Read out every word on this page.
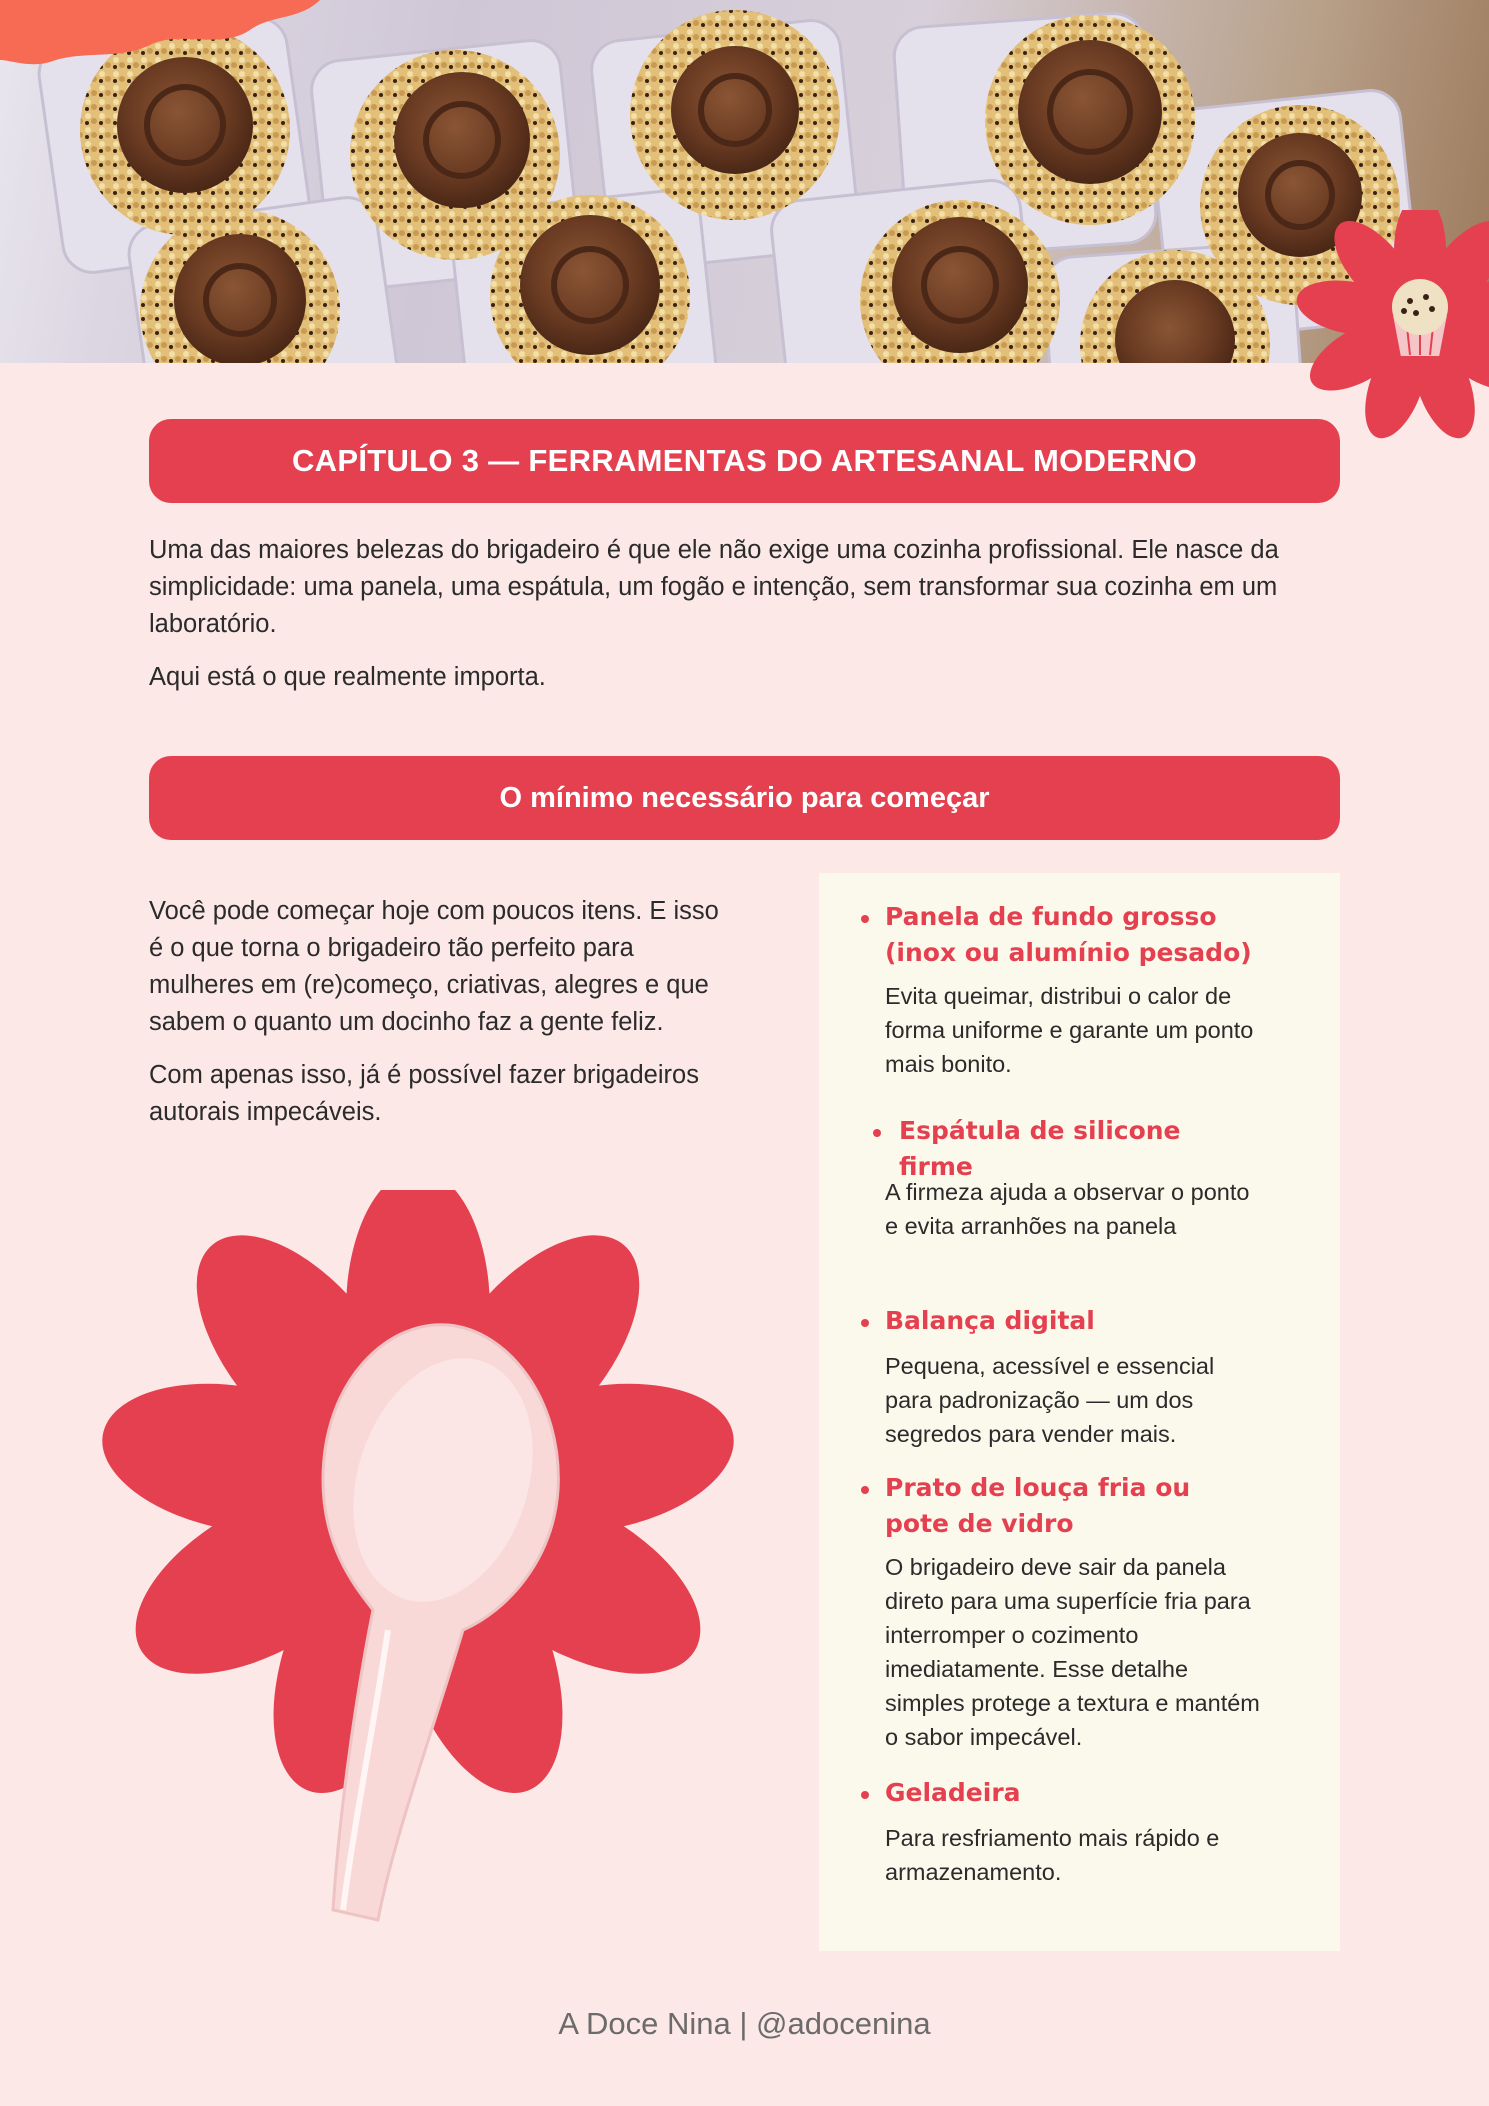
CAPÍTULO 3 — FERRAMENTAS DO ARTESANAL MODERNO

Uma das maiores belezas do brigadeiro é que ele não exige uma cozinha profissional. Ele nasce da simplicidade: uma panela, uma espátula, um fogão e intenção, sem transformar sua cozinha em um laboratório.

Aqui está o que realmente importa.

O mínimo necessário para começar

Você pode começar hoje com poucos itens. E isso é o que torna o brigadeiro tão perfeito para mulheres em (re)começo, criativas, alegres e que sabem o quanto um docinho faz a gente feliz.

Com apenas isso, já é possível fazer brigadeiros autorais impecáveis.

Panela de fundo grosso
(inox ou alumínio pesado)
Evita queimar, distribui o calor de forma uniforme e garante um ponto mais bonito.
Espátula de silicone
firme
A firmeza ajuda a observar o ponto e evita arranhões na panela
Balança digital
Pequena, acessível e essencial para padronização — um dos segredos para vender mais.
Prato de louça fria ou
pote de vidro
O brigadeiro deve sair da panela direto para uma superfície fria para interromper o cozimento imediatamente. Esse detalhe simples protege a textura e mantém o sabor impecável.
Geladeira
Para resfriamento mais rápido e armazenamento.
A Doce Nina | @adocenina
